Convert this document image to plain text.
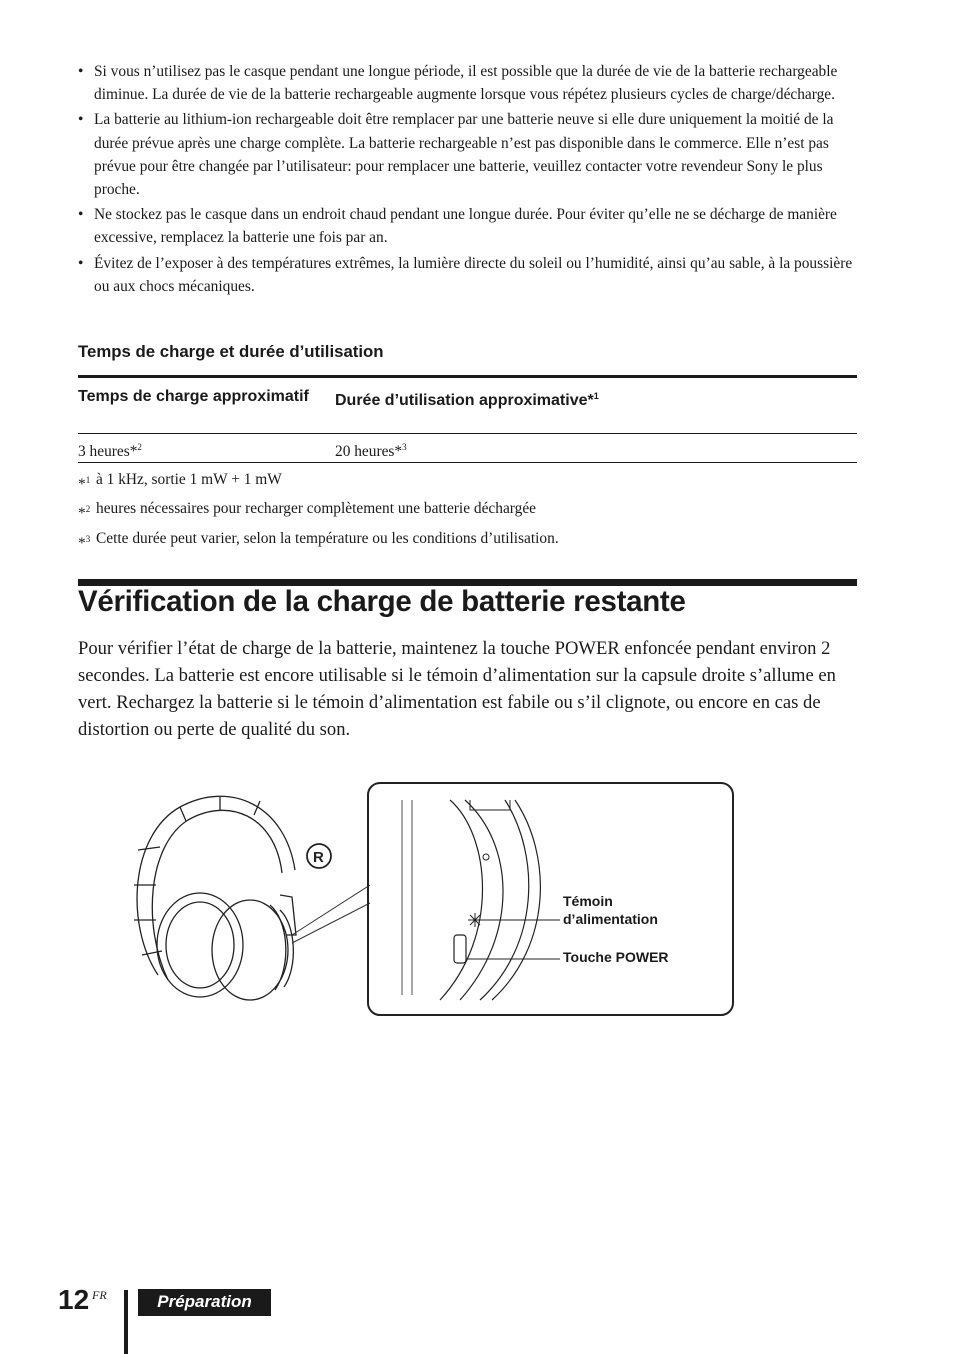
• Si vous n’utilisez pas le casque pendant une longue période, il est possible que la durée de vie de la batterie rechargeable diminue. La durée de vie de la batterie rechargeable augmente lorsque vous répétez plusieurs cycles de charge/décharge.
• La batterie au lithium-ion rechargeable doit être remplacer par une batterie neuve si elle dure uniquement la moitié de la durée prévue après une charge complète. La batterie rechargeable n’est pas disponible dans le commerce. Elle n’est pas prévue pour être changée par l’utilisateur: pour remplacer une batterie, veuillez contacter votre revendeur Sony le plus proche.
• Ne stockez pas le casque dans un endroit chaud pendant une longue durée. Pour éviter qu’elle ne se décharge de manière excessive, remplacez la batterie une fois par an.
• Évitez de l’exposer à des températures extrêmes, la lumière directe du soleil ou l’humidité, ainsi qu’au sable, à la poussière ou aux chocs mécaniques.
Temps de charge et durée d’utilisation
Temps de charge approximatif	Durée d’utilisation approximative*$^1$
3 heures*$^2$	20 heures*$^3$
*$^1$ à 1 kHz, sortie 1 mW + 1 mW
*$^2$ heures nécessaires pour recharger complètement une batterie déchargée
*$^3$ Cette durée peut varier, selon la température ou les conditions d’utilisation.
Vérification de la charge de batterie restante

Pour vérifier l’état de charge de la batterie, maintenez la touche POWER enfoncée pendant environ 2 secondes. La batterie est encore utilisable si le témoin d’alimentation sur la capsule droite s’allume en vert. Rechargez la batterie si le témoin d’alimentation est fabile ou s’il clignote, ou encore en cas de distortion ou perte de qualité du son.

R
Témoin d’alimentation
Touche POWER
12 FR	Préparation
